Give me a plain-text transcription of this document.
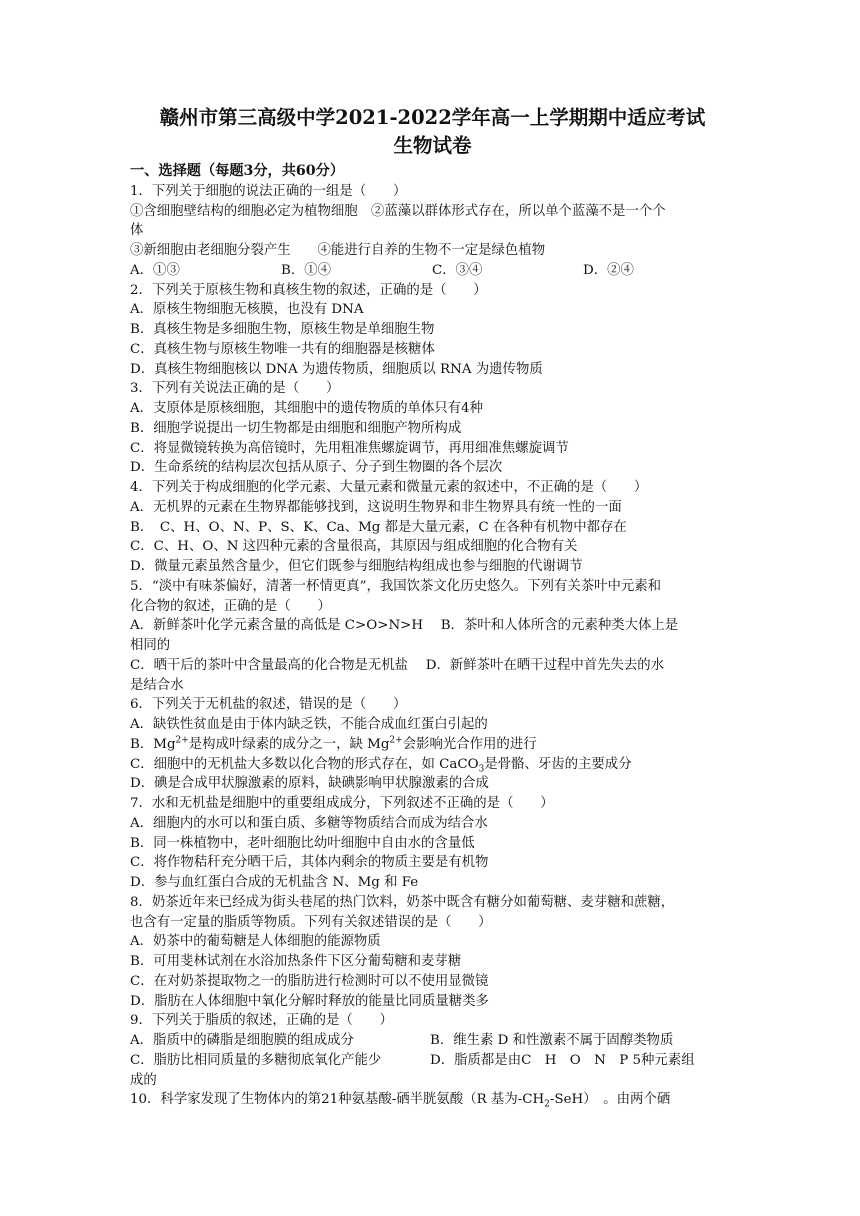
赣州市第三高级中学2021-2022学年高一上学期期中适应考试

生物试卷

一、选择题（每题3分，共60分）
1．下列关于细胞的说法正确的一组是（　　）
①含细胞壁结构的细胞必定为植物细胞　②蓝藻以群体形式存在，所以单个蓝藻不是一个个
体
③新细胞由老细胞分裂产生　　④能进行自养的生物不一定是绿色植物
A．①③	B．①④	C．③④	D．②④
2．下列关于原核生物和真核生物的叙述，正确的是（　　）
A．原核生物细胞无核膜，也没有 DNA
B．真核生物是多细胞生物，原核生物是单细胞生物
C．真核生物与原核生物唯一共有的细胞器是核糖体
D．真核生物细胞核以 DNA 为遗传物质，细胞质以 RNA 为遗传物质
3．下列有关说法正确的是（　　）
A．支原体是原核细胞，其细胞中的遗传物质的单体只有4种
B．细胞学说提出一切生物都是由细胞和细胞产物所构成
C．将显微镜转换为高倍镜时，先用粗准焦螺旋调节，再用细准焦螺旋调节
D．生命系统的结构层次包括从原子、分子到生物圈的各个层次
4．下列关于构成细胞的化学元素、大量元素和微量元素的叙述中，不正确的是（　　）
A．无机界的元素在生物界都能够找到，这说明生物界和非生物界具有统一性的一面
B．　C、H、O、N、P、S、K、Ca、Mg 都是大量元素，C 在各种有机物中都存在
C．C、H、O、N 这四种元素的含量很高，其原因与组成细胞的化合物有关
D．微量元素虽然含量少，但它们既参与细胞结构组成也参与细胞的代谢调节
5．“淡中有味茶偏好，清著一杯情更真”，我国饮茶文化历史悠久。下列有关茶叶中元素和
化合物的叙述，正确的是（　　）
A．新鲜茶叶化学元素含量的高低是 C>O>N>H　 B．茶叶和人体所含的元素种类大体上是
相同的
C．晒干后的茶叶中含量最高的化合物是无机盐　 D．新鲜茶叶在晒干过程中首先失去的水
是结合水
6．下列关于无机盐的叙述，错误的是（　　）
A．缺铁性贫血是由于体内缺乏铁，不能合成血红蛋白引起的
B．$Mg^{2+}$是构成叶绿素的成分之一，缺 $Mg^{2+}$会影响光合作用的进行
C．细胞中的无机盐大多数以化合物的形式存在，如 CaCO$_3$是骨骼、牙齿的主要成分
D．碘是合成甲状腺激素的原料，缺碘影响甲状腺激素的合成
7．水和无机盐是细胞中的重要组成成分，下列叙述不正确的是（　　）
A．细胞内的水可以和蛋白质、多糖等物质结合而成为结合水
B．同一株植物中，老叶细胞比幼叶细胞中自由水的含量低
C．将作物秸秆充分晒干后，其体内剩余的物质主要是有机物
D．参与血红蛋白合成的无机盐含 N、Mg 和 Fe
8．奶茶近年来已经成为街头巷尾的热门饮料，奶茶中既含有糖分如葡萄糖、麦芽糖和蔗糖，
也含有一定量的脂质等物质。下列有关叙述错误的是（　　）
A．奶茶中的葡萄糖是人体细胞的能源物质
B．可用斐林试剂在水浴加热条件下区分葡萄糖和麦芽糖
C．在对奶茶提取物之一的脂肪进行检测时可以不使用显微镜
D．脂肪在人体细胞中氧化分解时释放的能量比同质量糖类多
9．下列关于脂质的叙述，正确的是（　　）
A．脂质中的磷脂是细胞膜的组成成分	B．维生素 D 和性激素不属于固醇类物质
C．脂肪比相同质量的多糖彻底氧化产能少	D．脂质都是由C　H　O　N　P 5种元素组
成的
10．科学家发现了生物体内的第21种氨基酸-硒半胱氨酸（R 基为$-CH_2-SeH$）　。由两个硒
